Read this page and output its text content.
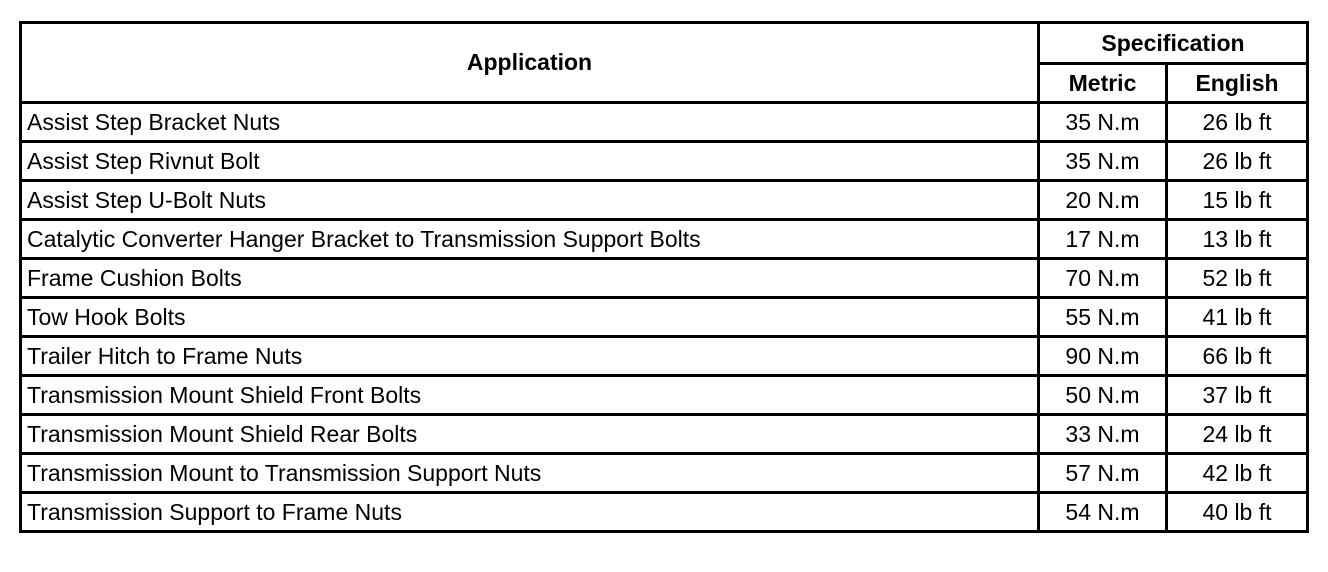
Application	Specification	
	Metric	English
Assist Step Bracket Nuts	35 N.m	26 lb ft
Assist Step Rivnut Bolt	35 N.m	26 lb ft
Assist Step U-Bolt Nuts	20 N.m	15 lb ft
Catalytic Converter Hanger Bracket to Transmission Support Bolts	17 N.m	13 lb ft
Frame Cushion Bolts	70 N.m	52 lb ft
Tow Hook Bolts	55 N.m	41 lb ft
Trailer Hitch to Frame Nuts	90 N.m	66 lb ft
Transmission Mount Shield Front Bolts	50 N.m	37 lb ft
Transmission Mount Shield Rear Bolts	33 N.m	24 lb ft
Transmission Mount to Transmission Support Nuts	57 N.m	42 lb ft
Transmission Support to Frame Nuts	54 N.m	40 lb ft
